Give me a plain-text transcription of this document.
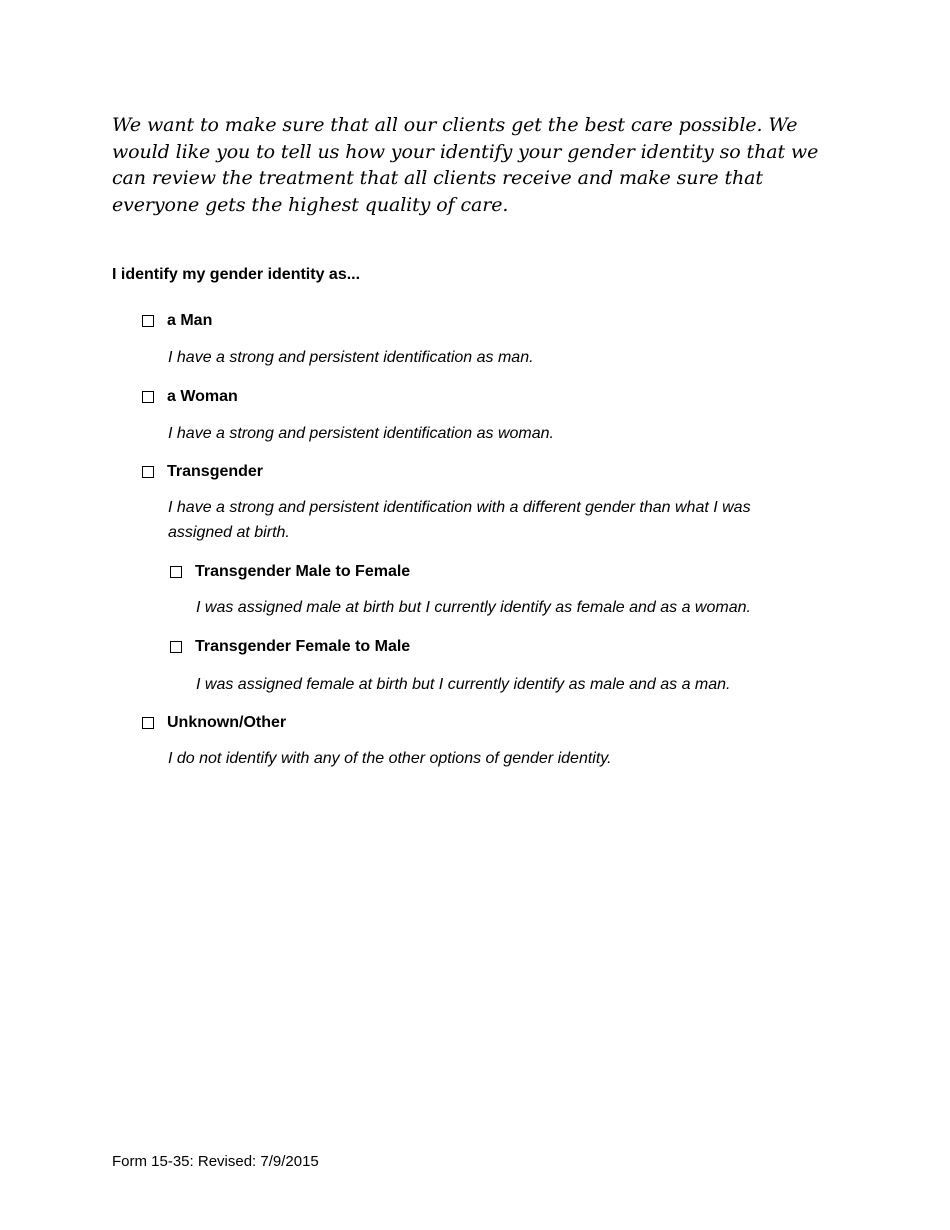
We want to make sure that all our clients get the best care possible. We would like you to tell us how your identify your gender identity so that we can review the treatment that all clients receive and make sure that everyone gets the highest quality of care.

I identify my gender identity as...

a Man

I have a strong and persistent identification as man.

a Woman

I have a strong and persistent identification as woman.

Transgender

I have a strong and persistent identification with a different gender than what I was assigned at birth.

Transgender Male to Female

I was assigned male at birth but I currently identify as female and as a woman.

Transgender Female to Male

I was assigned female at birth but I currently identify as male and as a man.

Unknown/Other

I do not identify with any of the other options of gender identity.

Form 15-35: Revised: 7/9/2015
